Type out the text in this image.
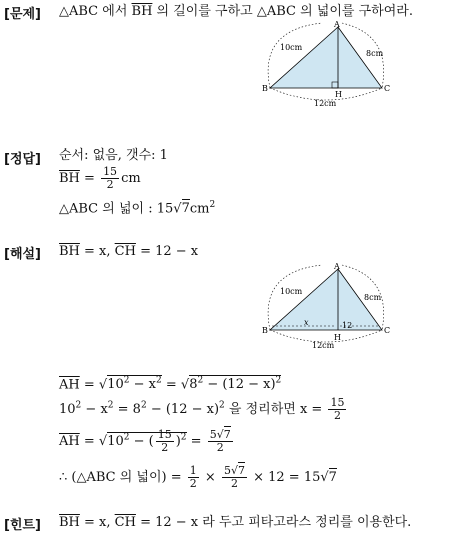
[문제] △ABC 에서 $\overline{BH}$ 의 길이를 구하고 △ABC 의 넓이를 구하여라.
A
B	C
H
10cm
8cm
12cm
[정답] 순서: 없음, 갯수: 1
$\overline{BH} = \frac{15}{2}$ cm
△ABC 의 넓이 : $15√7cm^2$
[해설] $\overline{BH} = x$, $\overline{CH} = 12 - x$
A
B	C
H
10cm
8cm
12cm
x	12
$\overline{AH} = √10^2 - x^2 = √8^2 - (12 - x)^2$
$10^2 - x^2 = 8^2 - (12 - x)^2$ 을 정리하면 $x = \frac{15}{2}$
$\overline{AH} = √10^2$ − ( $\frac{15}{2} )^2 = \frac{5√7}{2}$
∴ (△ABC 의 넓이) = $\frac{1}{2} \times \frac{5√7}{2} \times 12 = 15√7$
[힌트] $\overline{BH} = x$, $\overline{CH} = 12 - x$ 라 두고 피타고라스 정리를 이용한다.
